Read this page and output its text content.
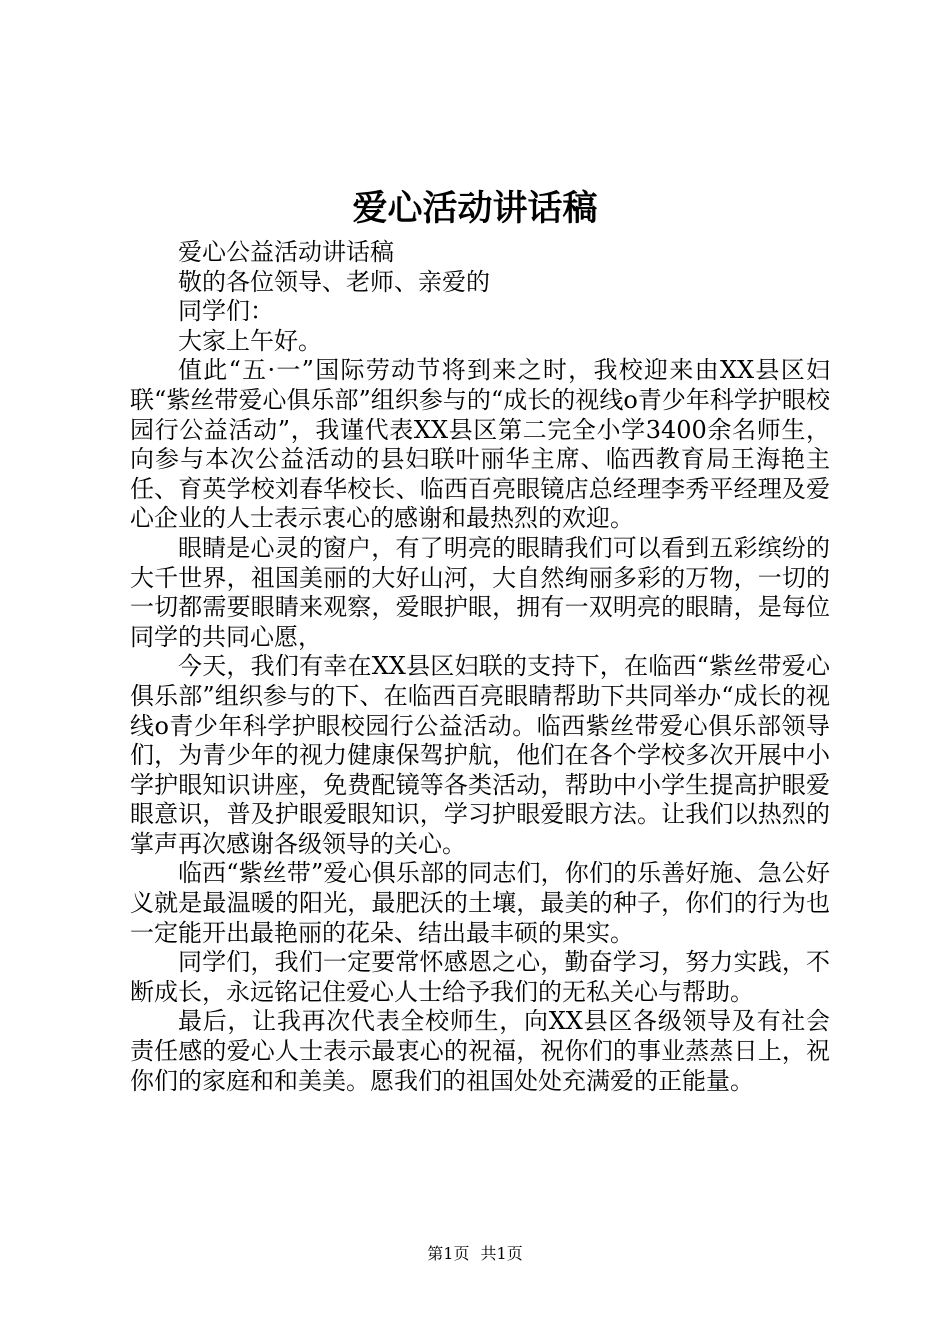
爱心活动讲话稿

爱心公益活动讲话稿

敬的各位领导、老师、亲爱的

同学们：

大家上午好。

值此“五·一”国际劳动节将到来之时，我校迎来由XX县区妇联“紫丝带爱心俱乐部”组织参与的“成长的视线o青少年科学护眼校园行公益活动”，我谨代表XX县区第二完全小学3400余名师生，向参与本次公益活动的县妇联叶丽华主席、临西教育局王海艳主任、育英学校刘春华校长、临西百亮眼镜店总经理李秀平经理及爱心企业的人士表示衷心的感谢和最热烈的欢迎。

眼睛是心灵的窗户，有了明亮的眼睛我们可以看到五彩缤纷的大千世界，祖国美丽的大好山河，大自然绚丽多彩的万物，一切的一切都需要眼睛来观察，爱眼护眼，拥有一双明亮的眼睛，是每位同学的共同心愿，

今天，我们有幸在XX县区妇联的支持下，在临西“紫丝带爱心俱乐部”组织参与的下、在临西百亮眼睛帮助下共同举办“成长的视线o青少年科学护眼校园行公益活动。临西紫丝带爱心俱乐部领导们，为青少年的视力健康保驾护航，他们在各个学校多次开展中小学护眼知识讲座，免费配镜等各类活动，帮助中小学生提高护眼爱眼意识，普及护眼爱眼知识，学习护眼爱眼方法。让我们以热烈的掌声再次感谢各级领导的关心。

临西“紫丝带”爱心俱乐部的同志们，你们的乐善好施、急公好义就是最温暖的阳光，最肥沃的土壤，最美的种子，你们的行为也一定能开出最艳丽的花朵、结出最丰硕的果实。

同学们，我们一定要常怀感恩之心，勤奋学习，努力实践，不断成长，永远铭记住爱心人士给予我们的无私关心与帮助。

最后，让我再次代表全校师生，向XX县区各级领导及有社会责任感的爱心人士表示最衷心的祝福，祝你们的事业蒸蒸日上，祝你们的家庭和和美美。愿我们的祖国处处充满爱的正能量。

第1页 共1页
